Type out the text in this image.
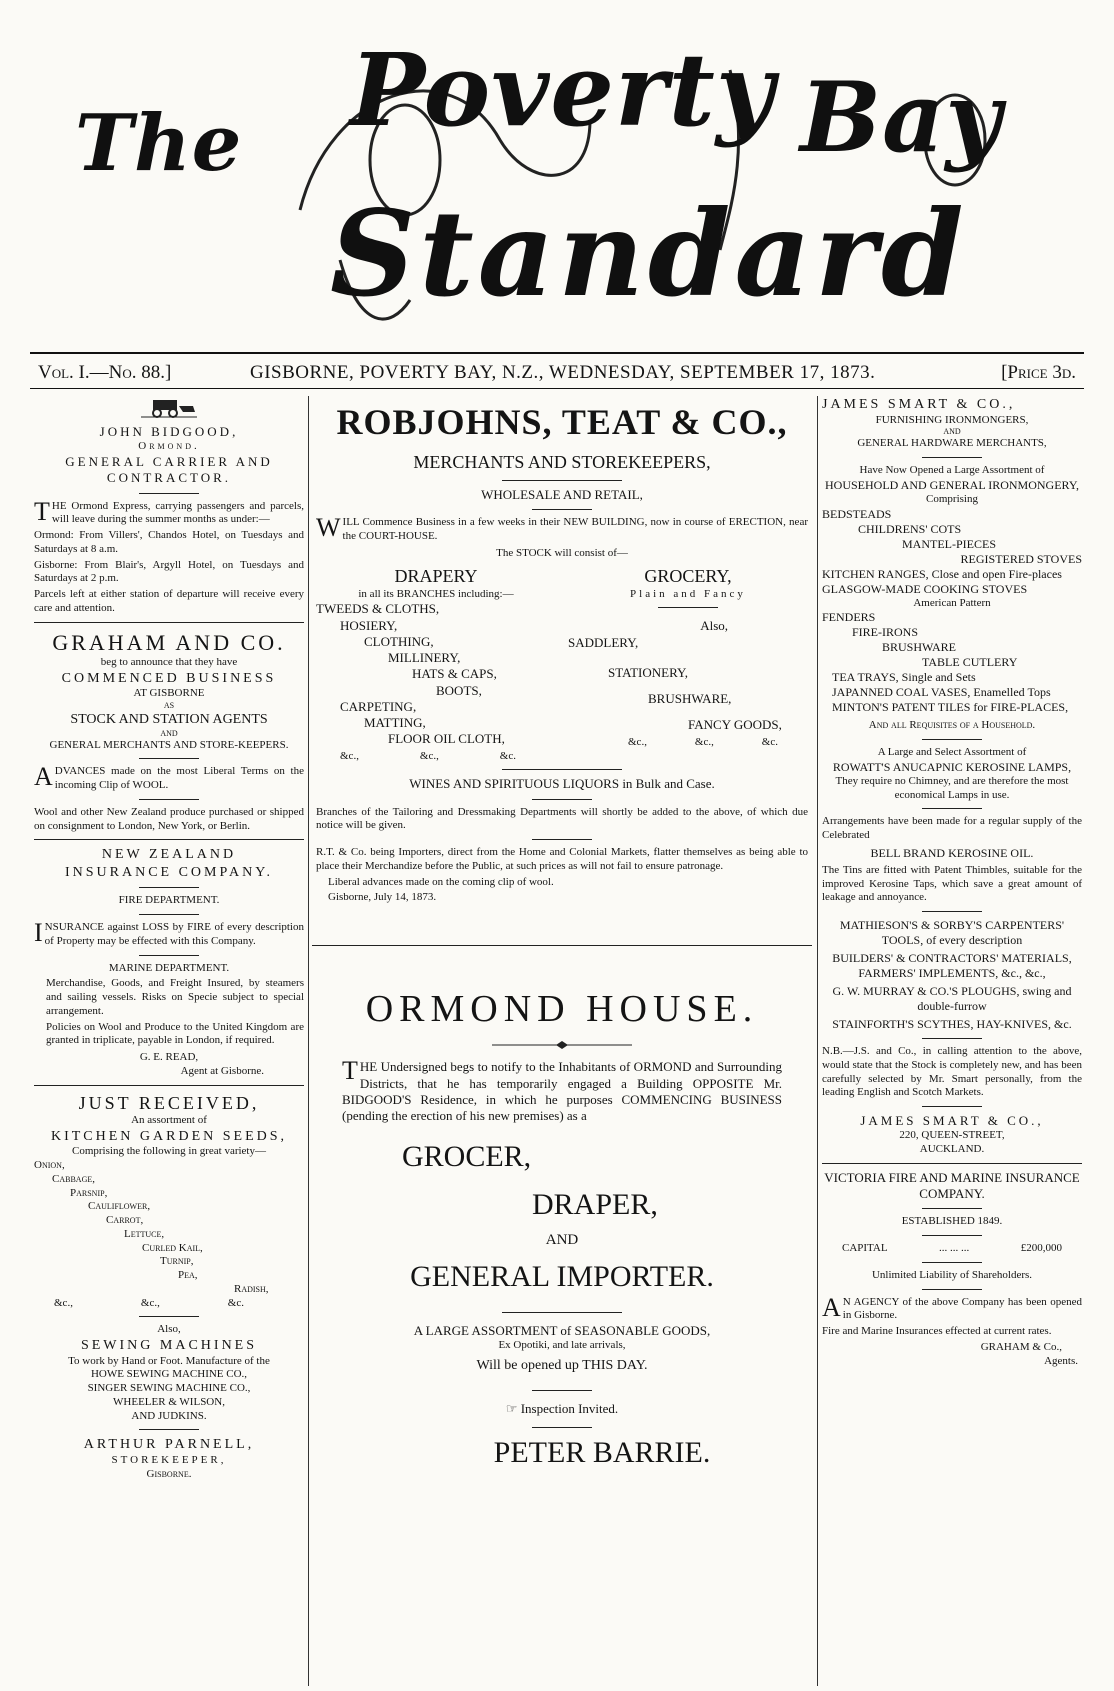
The Poverty Bay
Standard
Vol. I.—No. 88.]	GISBORNE, POVERTY BAY, N.Z., WEDNESDAY, SEPTEMBER 17, 1873.	[Price 3d.
JOHN BIDGOOD,
Ormond.
GENERAL CARRIER AND CONTRACTOR.

THE Ormond Express, carrying passengers and parcels, will leave during the summer months as under:—

Ormond: From Villers', Chandos Hotel, on Tuesdays and Saturdays at 8 a.m.

Gisborne: From Blair's, Argyll Hotel, on Tuesdays and Saturdays at 2 p.m.

Parcels left at either station of departure will receive every care and attention.

GRAHAM AND CO.
beg to announce that they have
COMMENCED BUSINESS
AT GISBORNE
AS
STOCK AND STATION AGENTS
AND
GENERAL MERCHANTS AND STORE-KEEPERS.

ADVANCES made on the most Liberal Terms on the incoming Clip of WOOL.

Wool and other New Zealand produce purchased or shipped on consignment to London, New York, or Berlin.

NEW ZEALAND
INSURANCE COMPANY.
FIRE DEPARTMENT.

INSURANCE against LOSS by FIRE of every description of Property may be effected with this Company.

MARINE DEPARTMENT.

Merchandise, Goods, and Freight Insured, by steamers and sailing vessels. Risks on Specie subject to special arrangement.

Policies on Wool and Produce to the United Kingdom are granted in triplicate, payable in London, if required.

G. E. READ,
Agent at Gisborne.
JUST RECEIVED,
An assortment of
KITCHEN GARDEN SEEDS,
Comprising the following in great variety—
Onion,
Cabbage,
Parsnip,
Cauliflower,
Carrot,
Lettuce,
Curled Kail,
Turnip,
Pea,
Radish,
&c.,	&c.,	&c.
Also,
SEWING MACHINES
To work by Hand or Foot. Manufacture of the
HOWE SEWING MACHINE CO.,
SINGER SEWING MACHINE CO.,
WHEELER & WILSON,
AND JUDKINS.
ARTHUR PARNELL,
STOREKEEPER,
Gisborne.
ROBJOHNS, TEAT & CO.,
MERCHANTS AND STOREKEEPERS,
WHOLESALE AND RETAIL,

WILL Commence Business in a few weeks in their NEW BUILDING, now in course of ERECTION, near the COURT-HOUSE.

The STOCK will consist of—
DRAPERY
in all its BRANCHES including:—
TWEEDS & CLOTHS,
HOSIERY,
CLOTHING,
MILLINERY,
HATS & CAPS,
BOOTS,
CARPETING,
MATTING,
FLOOR OIL CLOTH,
&c.,	&c.,	&c.
GROCERY,
Plain and Fancy
Also,
SADDLERY,
STATIONERY,
BRUSHWARE,
FANCY GOODS,
&c.,	&c.,	&c.
WINES AND SPIRITUOUS LIQUORS in Bulk and Case.

Branches of the Tailoring and Dressmaking Departments will shortly be added to the above, of which due notice will be given.

R.T. & Co. being Importers, direct from the Home and Colonial Markets, flatter themselves as being able to place their Merchandize before the Public, at such prices as will not fail to ensure patronage.

Liberal advances made on the coming clip of wool.

Gisborne, July 14, 1873.

ORMOND HOUSE.

THE Undersigned begs to notify to the Inhabitants of ORMOND and Surrounding Districts, that he has temporarily engaged a Building OPPOSITE Mr. BIDGOOD'S Residence, in which he purposes COMMENCING BUSINESS (pending the erection of his new premises) as a

GROCER,
DRAPER,
AND
GENERAL IMPORTER.
A LARGE ASSORTMENT of SEASONABLE GOODS,
Ex Opotiki, and late arrivals,
Will be opened up THIS DAY.
☞ Inspection Invited.
PETER BARRIE.
JAMES SMART & CO.,
FURNISHING IRONMONGERS,
AND
GENERAL HARDWARE MERCHANTS,
Have Now Opened a Large Assortment of
HOUSEHOLD AND GENERAL IRONMONGERY,
Comprising
BEDSTEADS
CHILDRENS' COTS
MANTEL-PIECES
REGISTERED STOVES
KITCHEN RANGES, Close and open Fire-places
GLASGOW-MADE COOKING STOVES
American Pattern
FENDERS
FIRE-IRONS
BRUSHWARE
TABLE CUTLERY
TEA TRAYS, Single and Sets
JAPANNED COAL VASES, Enamelled Tops
MINTON'S PATENT TILES for FIRE-PLACES,
And all Requisites of a Household.
A Large and Select Assortment of
ROWATT'S ANUCAPNIC KEROSINE LAMPS,
They require no Chimney, and are therefore the most economical Lamps in use.

Arrangements have been made for a regular supply of the Celebrated

BELL BRAND KEROSINE OIL.

The Tins are fitted with Patent Thimbles, suitable for the improved Kerosine Taps, which save a great amount of leakage and annoyance.

MATHIESON'S & SORBY'S CARPENTERS' TOOLS, of every description
BUILDERS' & CONTRACTORS' MATERIALS, FARMERS' IMPLEMENTS, &c., &c.,
G. W. MURRAY & CO.'S PLOUGHS, swing and double-furrow
STAINFORTH'S SCYTHES, HAY-KNIVES, &c.

N.B.—J.S. and Co., in calling attention to the above, would state that the Stock is completely new, and has been carefully selected by Mr. Smart personally, from the leading English and Scotch Markets.

JAMES SMART & CO.,
220, QUEEN-STREET,
AUCKLAND.
VICTORIA FIRE AND MARINE INSURANCE COMPANY.
ESTABLISHED 1849.
CAPITAL	... ... ...	£200,000
Unlimited Liability of Shareholders.

AN AGENCY of the above Company has been opened in Gisborne.

Fire and Marine Insurances effected at current rates.

GRAHAM & Co.,
Agents.
